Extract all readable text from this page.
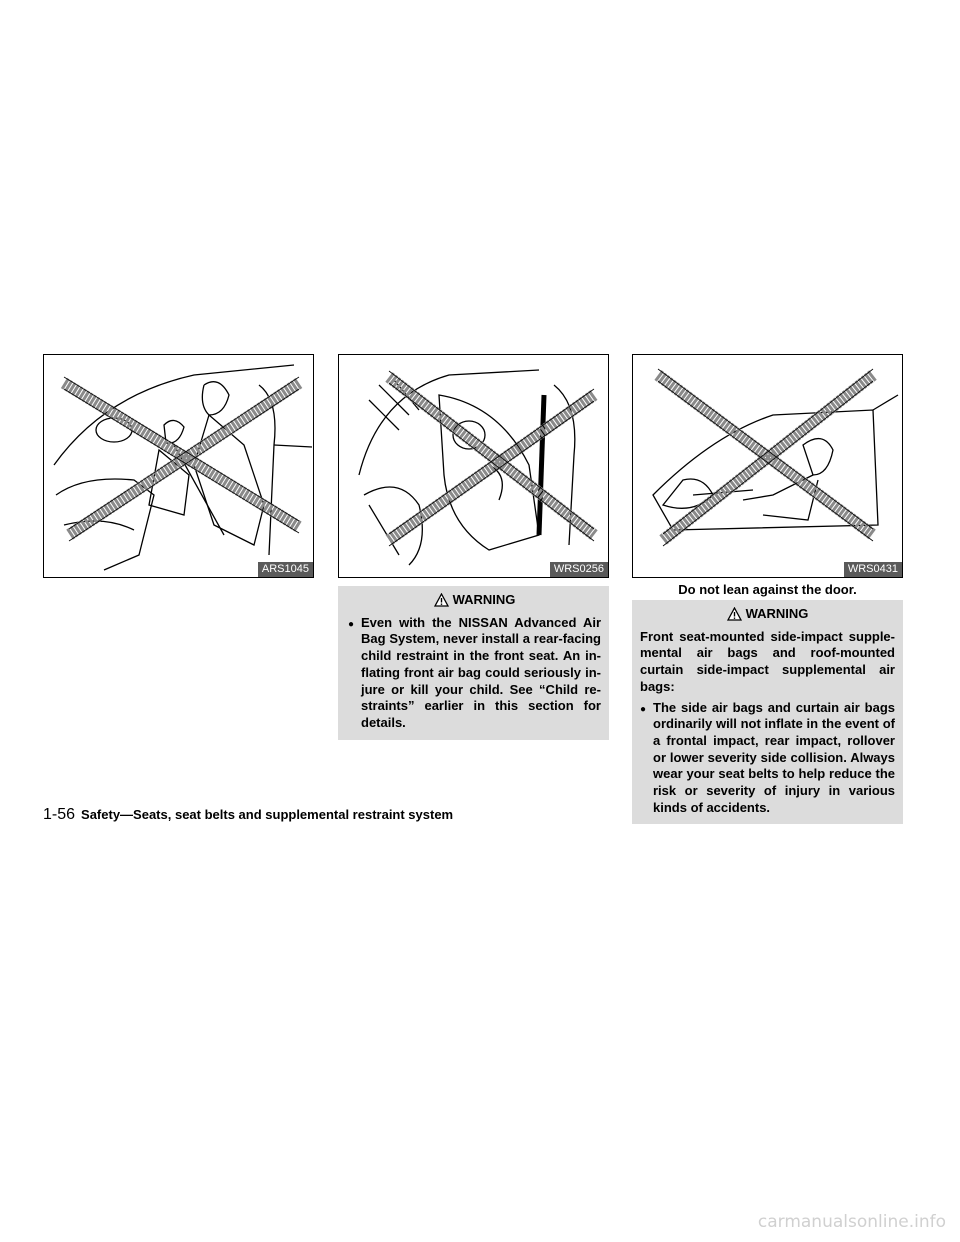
ARS1045	WRS0256	WRS0431
Do not lean against the door.
WARNING
● Even with the NISSAN Advanced Air Bag System, never install a rear-facing child restraint in the front seat. An in-flating front air bag could seriously in-jure or kill your child. See “Child re-straints” earlier in this section for details.
WARNING
Front seat-mounted side-impact supple-mental air bags and roof-mounted curtain side-impact supplemental air bags:
● The side air bags and curtain air bags ordinarily will not inflate in the event of a frontal impact, rear impact, rollover or lower severity side collision. Always wear your seat belts to help reduce the risk or severity of injury in various kinds of accidents.
1-56 Safety—Seats, seat belts and supplemental restraint system
carmanualsonline.info
